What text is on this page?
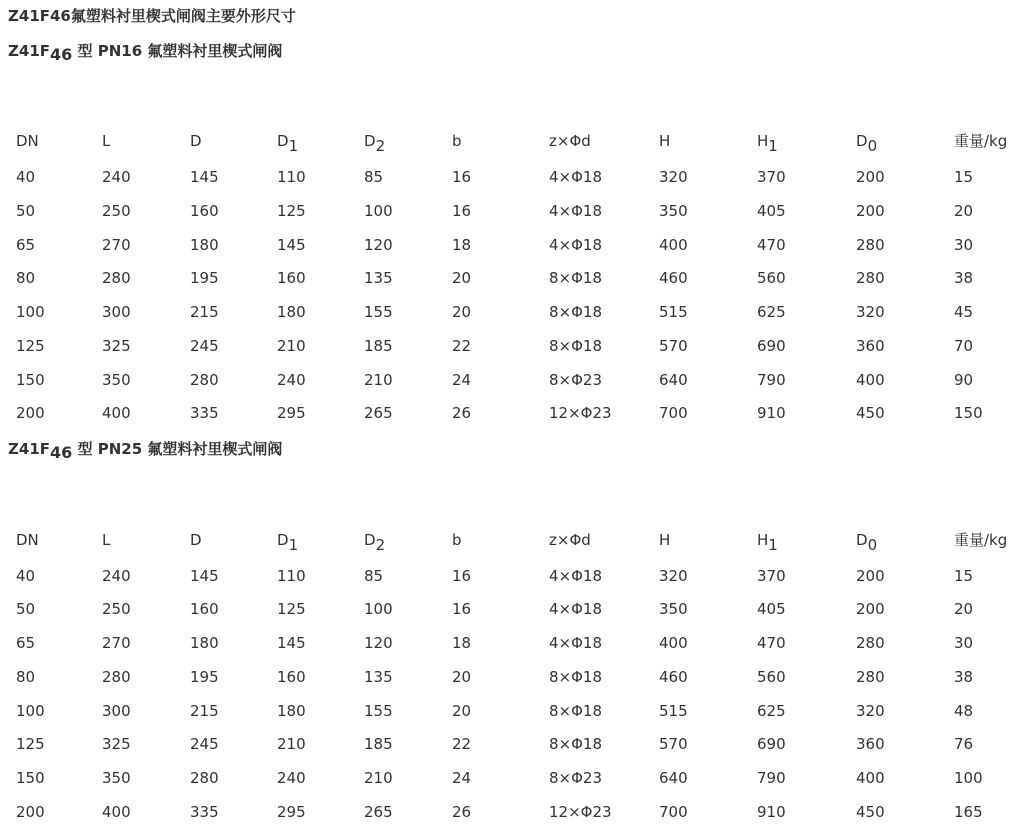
Z41F46氟塑料衬里楔式闸阀主要外形尺寸
Z41F46 型 PN16 氟塑料衬里楔式闸阀
DN	L	D	D1	D2	b	z×Φd	H	H1	D0	重量/kg
40	240	145	110	85	16	4×Φ18	320	370	200	15
50	250	160	125	100	16	4×Φ18	350	405	200	20
65	270	180	145	120	18	4×Φ18	400	470	280	30
80	280	195	160	135	20	8×Φ18	460	560	280	38
100	300	215	180	155	20	8×Φ18	515	625	320	45
125	325	245	210	185	22	8×Φ18	570	690	360	70
150	350	280	240	210	24	8×Φ23	640	790	400	90
200	400	335	295	265	26	12×Φ23	700	910	450	150
Z41F46 型 PN25 氟塑料衬里楔式闸阀
DN	L	D	D1	D2	b	z×Φd	H	H1	D0	重量/kg
40	240	145	110	85	16	4×Φ18	320	370	200	15
50	250	160	125	100	16	4×Φ18	350	405	200	20
65	270	180	145	120	18	4×Φ18	400	470	280	30
80	280	195	160	135	20	8×Φ18	460	560	280	38
100	300	215	180	155	20	8×Φ18	515	625	320	48
125	325	245	210	185	22	8×Φ18	570	690	360	76
150	350	280	240	210	24	8×Φ23	640	790	400	100
200	400	335	295	265	26	12×Φ23	700	910	450	165
